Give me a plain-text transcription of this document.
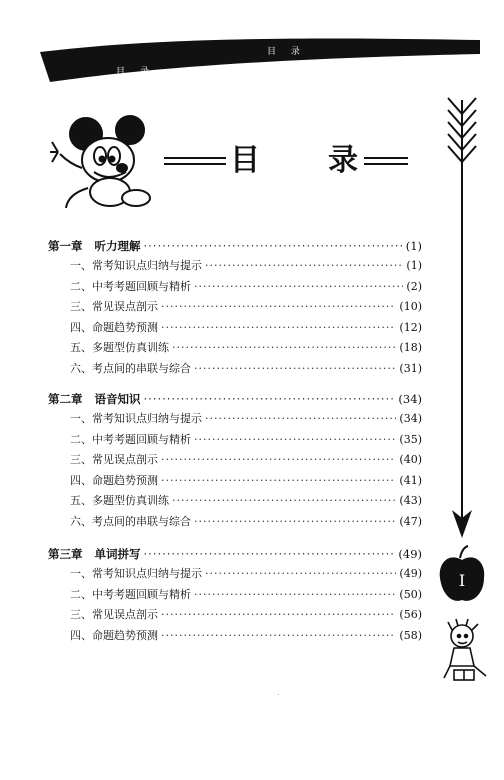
目 录
目 录
目 录
第一章 听力理解 ·····	(1)
一、常考知识点归纳与提示 ·····	(1)
二、中考考题回顾与精析 ·····	(2)
三、常见误点剖示 ·····	(10)
四、命题趋势预测 ·····	(12)
五、多题型仿真训练 ·····	(18)
六、考点间的串联与综合 ·····	(31)
第二章 语音知识 ·····	(34)
一、常考知识点归纳与提示 ·····	(34)
二、中考考题回顾与精析 ·····	(35)
三、常见误点剖示 ·····	(40)
四、命题趋势预测 ·····	(41)
五、多题型仿真训练 ·····	(43)
六、考点间的串联与综合 ·····	(47)
第三章 单词拼写 ·····	(49)
一、常考知识点归纳与提示 ·····	(49)
二、中考考题回顾与精析 ·····	(50)
三、常见误点剖示 ·····	(56)
四、命题趋势预测 ·····	(58)
I
.
